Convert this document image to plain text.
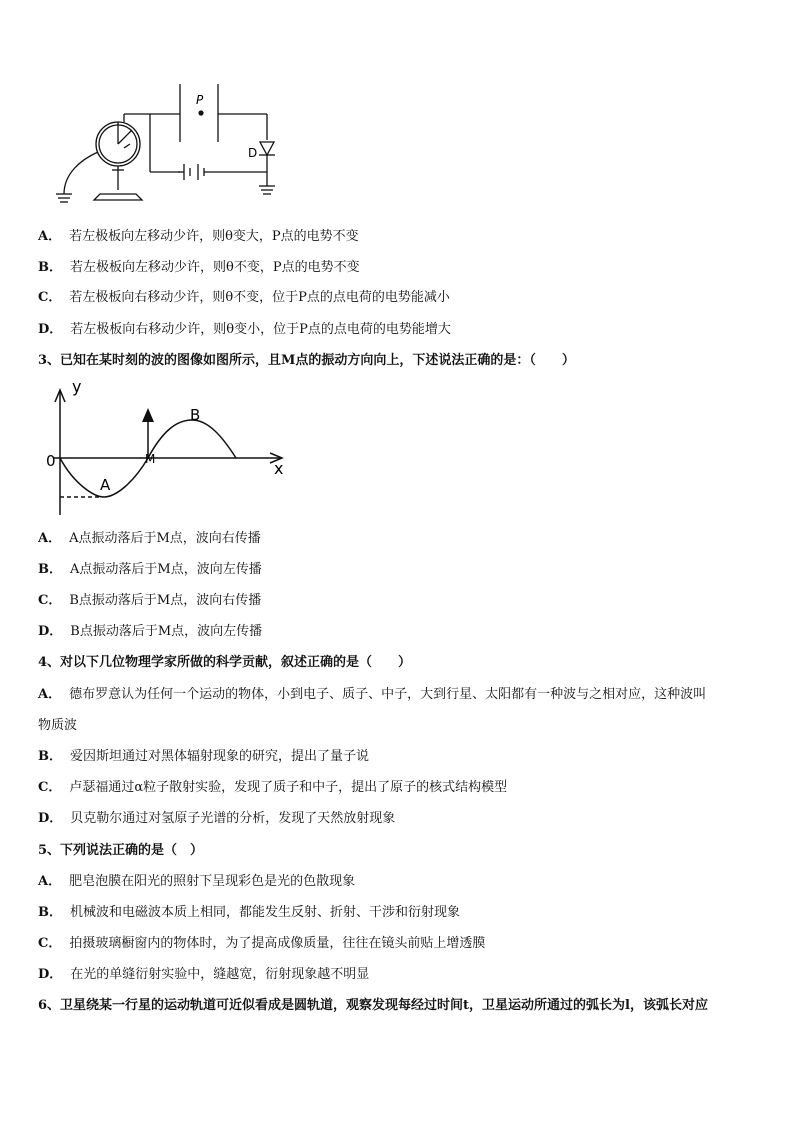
P
D
A． 若左极板向左移动少许，则θ变大，P点的电势不变
B． 若左极板向左移动少许，则θ不变，P点的电势不变
C． 若左极板向右移动少许，则θ不变，位于P点的点电荷的电势能减小
D． 若左极板向右移动少许，则θ变小，位于P点的点电荷的电势能增大
3、已知在某时刻的波的图像如图所示，且M点的振动方向向上，下述说法正确的是：（　　）
y
x
0
A
B
M
A． A点振动落后于M点，波向右传播
B． A点振动落后于M点，波向左传播
C． B点振动落后于M点，波向右传播
D． B点振动落后于M点，波向左传播
4、对以下几位物理学家所做的科学贡献，叙述正确的是（　　）
A． 德布罗意认为任何一个运动的物体，小到电子、质子、中子，大到行星、太阳都有一种波与之相对应，这种波叫
物质波
B． 爱因斯坦通过对黑体辐射现象的研究，提出了量子说
C． 卢瑟福通过α粒子散射实验，发现了质子和中子，提出了原子的核式结构模型
D． 贝克勒尔通过对氢原子光谱的分析，发现了天然放射现象
5、下列说法正确的是（　）
A． 肥皂泡膜在阳光的照射下呈现彩色是光的色散现象
B． 机械波和电磁波本质上相同，都能发生反射、折射、干涉和衍射现象
C． 拍摄玻璃橱窗内的物体时，为了提高成像质量，往往在镜头前贴上增透膜
D． 在光的单缝衍射实验中，缝越宽，衍射现象越不明显
6、卫星绕某一行星的运动轨道可近似看成是圆轨道，观察发现每经过时间t，卫星运动所通过的弧长为l，该弧长对应
